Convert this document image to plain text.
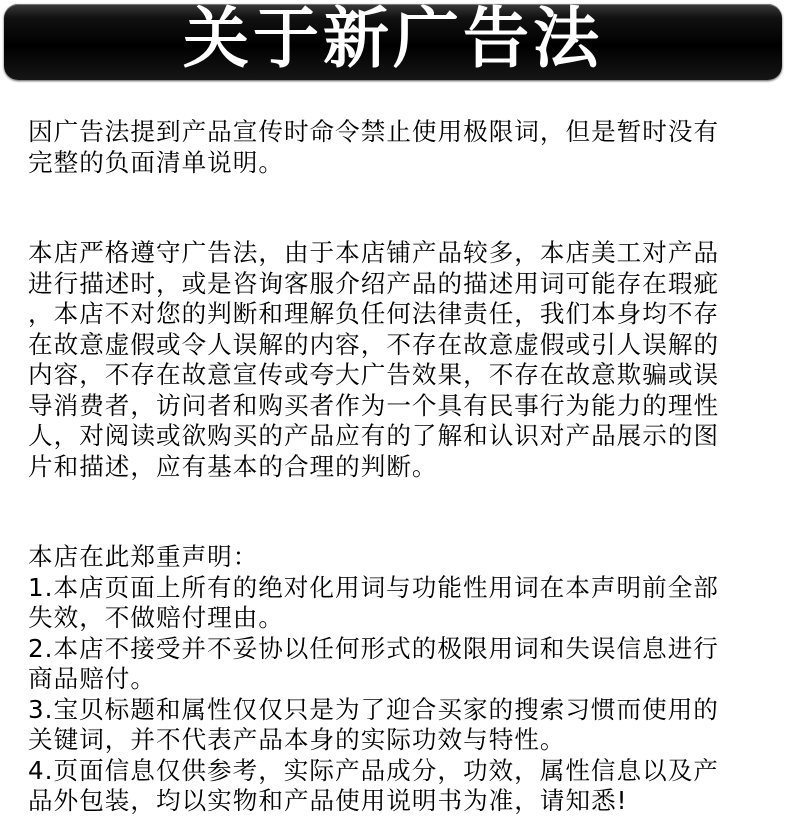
关于新广告法
因广告法提到产品宣传时命令禁止使用极限词，但是暂时没有
完整的负面清单说明。
本店严格遵守广告法，由于本店铺产品较多，本店美工对产品
进行描述时，或是咨询客服介绍产品的描述用词可能存在瑕疵
，本店不对您的判断和理解负任何法律责任，我们本身均不存
在故意虚假或令人误解的内容，不存在故意虚假或引人误解的
内容，不存在故意宣传或夸大广告效果，不存在故意欺骗或误
导消费者，访问者和购买者作为一个具有民事行为能力的理性
人，对阅读或欲购买的产品应有的了解和认识对产品展示的图
片和描述，应有基本的合理的判断。
本店在此郑重声明：
1.本店页面上所有的绝对化用词与功能性用词在本声明前全部
失效，不做赔付理由。
2.本店不接受并不妥协以任何形式的极限用词和失误信息进行
商品赔付。
3.宝贝标题和属性仅仅只是为了迎合买家的搜索习惯而使用的
关键词，并不代表产品本身的实际功效与特性。
4.页面信息仅供参考，实际产品成分，功效，属性信息以及产
品外包装，均以实物和产品使用说明书为准，请知悉!
